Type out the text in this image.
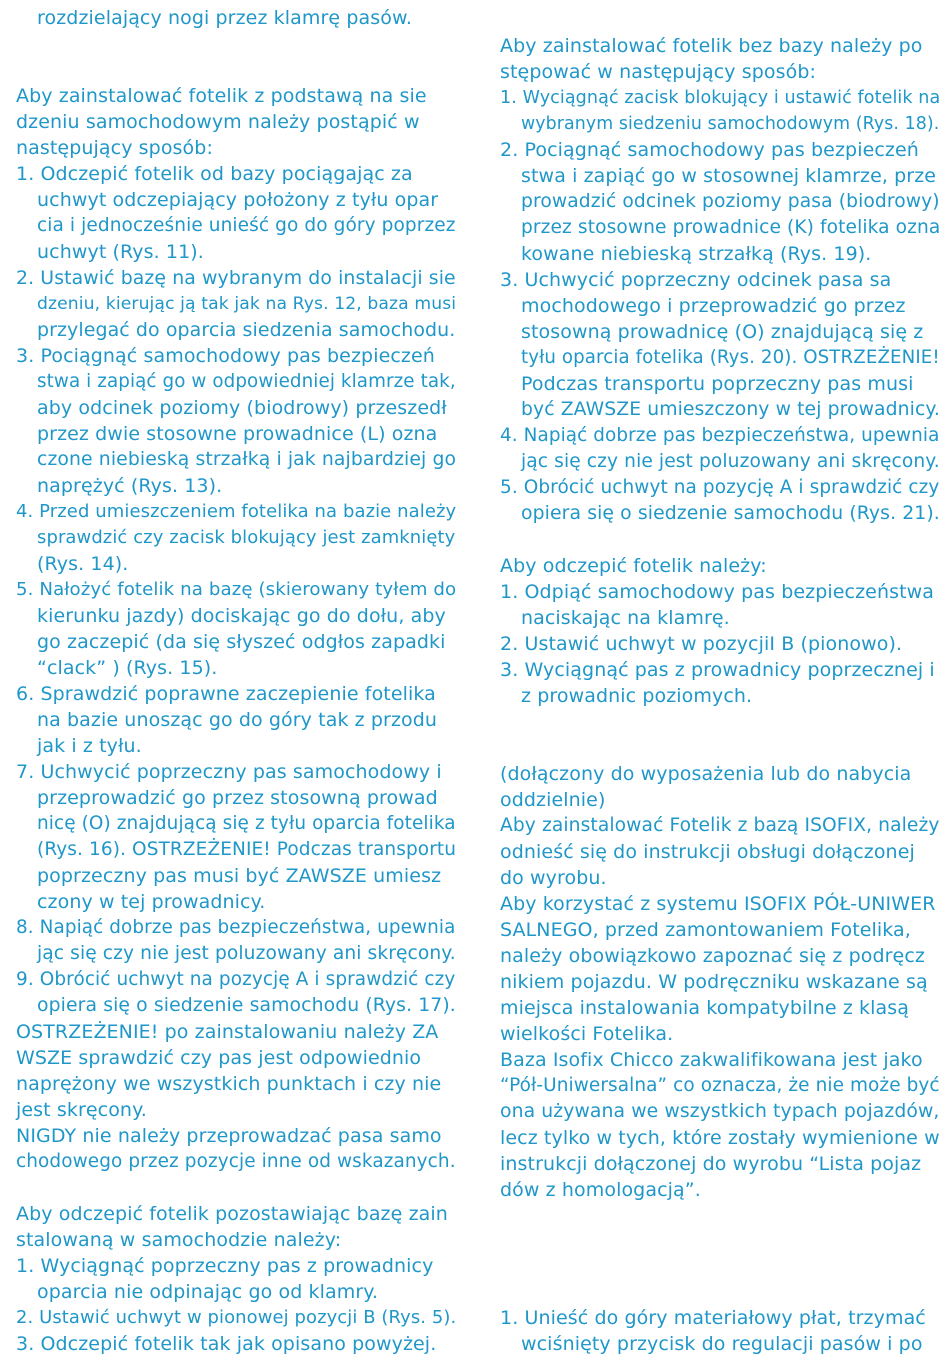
rozdzielający nogi przez klamrę pasów.
Aby zainstalować fotelik z podstawą na sie
dzeniu samochodowym należy postąpić w
następujący sposób:
1. Odczepić fotelik od bazy pociągając za
uchwyt odczepiający położony z tyłu opar
cia i jednocześnie unieść go do góry poprzez
uchwyt (Rys. 11).
2. Ustawić bazę na wybranym do instalacji sie
dzeniu, kierując ją tak jak na Rys. 12, baza musi
przylegać do oparcia siedzenia samochodu.
3. Pociągnąć samochodowy pas bezpieczeń
stwa i zapiąć go w odpowiedniej klamrze tak,
aby odcinek poziomy (biodrowy) przeszedł
przez dwie stosowne prowadnice (L) ozna
czone niebieską strzałką i jak najbardziej go
naprężyć (Rys. 13).
4. Przed umieszczeniem fotelika na bazie należy
sprawdzić czy zacisk blokujący jest zamknięty
(Rys. 14).
5. Nałożyć fotelik na bazę (skierowany tyłem do
kierunku jazdy) dociskając go do dołu, aby
go zaczepić (da się słyszeć odgłos zapadki
“clack” ) (Rys. 15).
6. Sprawdzić poprawne zaczepienie fotelika
na bazie unosząc go do góry tak z przodu
jak i z tyłu.
7. Uchwycić poprzeczny pas samochodowy i
przeprowadzić go przez stosowną prowad
nicę (O) znajdującą się z tyłu oparcia fotelika
(Rys. 16). OSTRZEŻENIE! Podczas transportu
poprzeczny pas musi być ZAWSZE umiesz
czony w tej prowadnicy.
8. Napiąć dobrze pas bezpieczeństwa, upewnia
jąc się czy nie jest poluzowany ani skręcony.
9. Obrócić uchwyt na pozycję A i sprawdzić czy
opiera się o siedzenie samochodu (Rys. 17).
OSTRZEŻENIE! po zainstalowaniu należy ZA
WSZE sprawdzić czy pas jest odpowiednio
naprężony we wszystkich punktach i czy nie
jest skręcony.
NIGDY nie należy przeprowadzać pasa samo
chodowego przez pozycje inne od wskazanych.
Aby odczepić fotelik pozostawiając bazę zain
stalowaną w samochodzie należy:
1. Wyciągnąć poprzeczny pas z prowadnicy
oparcia nie odpinając go od klamry.
2. Ustawić uchwyt w pionowej pozycji B (Rys. 5).
3. Odczepić fotelik tak jak opisano powyżej.
Aby zainstalować fotelik bez bazy należy po
stępować w następujący sposób:
1. Wyciągnąć zacisk blokujący i ustawić fotelik na
wybranym siedzeniu samochodowym (Rys. 18).
2. Pociągnąć samochodowy pas bezpieczeń
stwa i zapiąć go w stosownej klamrze, prze
prowadzić odcinek poziomy pasa (biodrowy)
przez stosowne prowadnice (K) fotelika ozna
kowane niebieską strzałką (Rys. 19).
3. Uchwycić poprzeczny odcinek pasa sa
mochodowego i przeprowadzić go przez
stosowną prowadnicę (O) znajdującą się z
tyłu oparcia fotelika (Rys. 20). OSTRZEŻENIE!
Podczas transportu poprzeczny pas musi
być ZAWSZE umieszczony w tej prowadnicy.
4. Napiąć dobrze pas bezpieczeństwa, upewnia
jąc się czy nie jest poluzowany ani skręcony.
5. Obrócić uchwyt na pozycję A i sprawdzić czy
opiera się o siedzenie samochodu (Rys. 21).
Aby odczepić fotelik należy:
1. Odpiąć samochodowy pas bezpieczeństwa
naciskając na klamrę.
2. Ustawić uchwyt w pozycjiI B (pionowo).
3. Wyciągnąć pas z prowadnicy poprzecznej i
z prowadnic poziomych.
(dołączony do wyposażenia lub do nabycia
oddzielnie)
Aby zainstalować Fotelik z bazą ISOFIX, należy
odnieść się do instrukcji obsługi dołączonej
do wyrobu.
Aby korzystać z systemu ISOFIX PÓŁ-UNIWER
SALNEGO, przed zamontowaniem Fotelika,
należy obowiązkowo zapoznać się z podręcz
nikiem pojazdu. W podręczniku wskazane są
miejsca instalowania kompatybilne z klasą
wielkości Fotelika.
Baza Isofix Chicco zakwalifikowana jest jako
“Pół-Uniwersalna” co oznacza, że nie może być
ona używana we wszystkich typach pojazdów,
lecz tylko w tych, które zostały wymienione w
instrukcji dołączonej do wyrobu “Lista pojaz
dów z homologacją”.
1. Unieść do góry materiałowy płat, trzymać
wciśnięty przycisk do regulacji pasów i po
